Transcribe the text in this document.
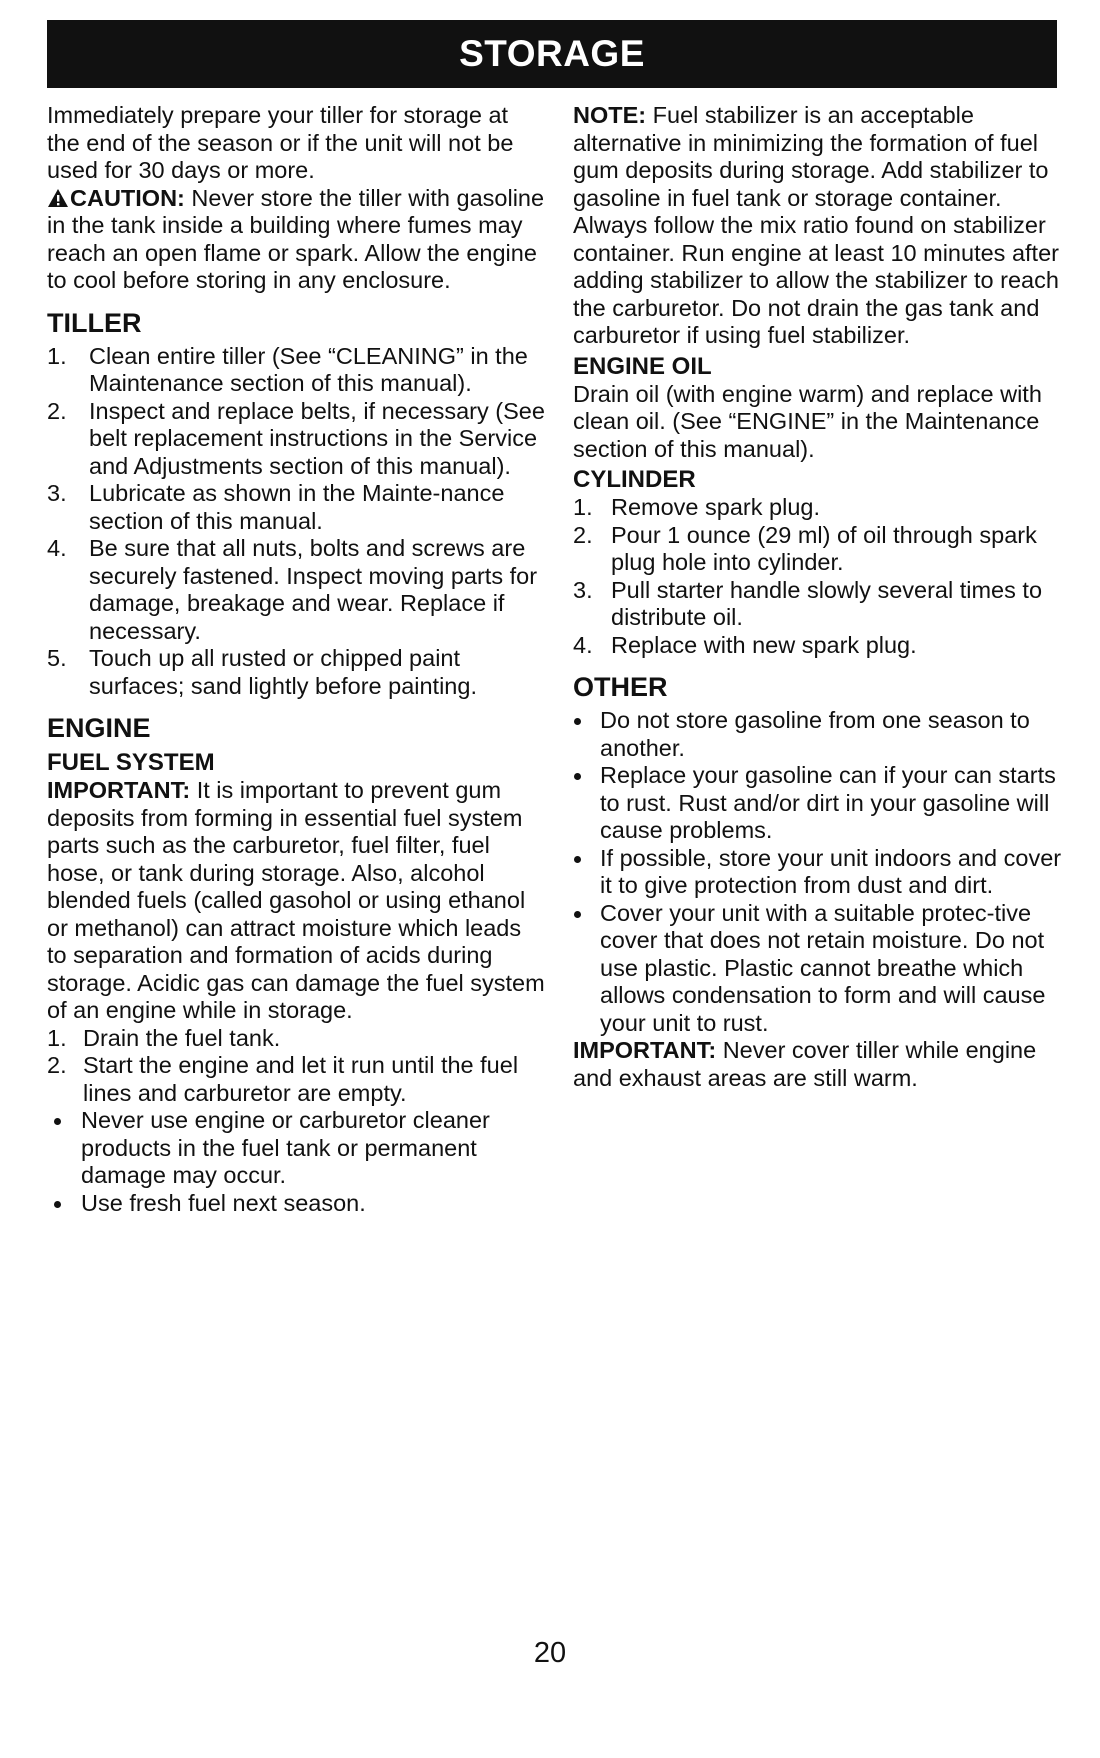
STORAGE

Immediately prepare your tiller for storage at the end of the season or if the unit will not be used for 30 days or more.

CAUTION: Never store the tiller with gasoline in the tank inside a building where fumes may reach an open flame or spark. Allow the engine to cool before storing in any enclosure.

TILLER
1. Clean entire tiller (See “CLEANING” in the Maintenance section of this manual).
2. Inspect and replace belts, if necessary (See belt replacement instructions in the Service and Adjustments section of this manual).
3. Lubricate as shown in the Mainte-nance section of this manual.
4. Be sure that all nuts, bolts and screws are securely fastened. Inspect moving parts for damage, breakage and wear. Replace if necessary.
5. Touch up all rusted or chipped paint surfaces; sand lightly before painting.
ENGINE
FUEL SYSTEM

IMPORTANT: It is important to prevent gum deposits from forming in essential fuel system parts such as the carburetor, fuel filter, fuel hose, or tank during storage. Also, alcohol blended fuels (called gasohol or using ethanol or methanol) can attract moisture which leads to separation and formation of acids during storage. Acidic gas can damage the fuel system of an engine while in storage.

1. Drain the fuel tank.
2. Start the engine and let it run until the fuel lines and carburetor are empty.
Never use engine or carburetor cleaner products in the fuel tank or permanent damage may occur.
Use fresh fuel next season.

NOTE: Fuel stabilizer is an acceptable alternative in minimizing the formation of fuel gum deposits during storage. Add stabilizer to gasoline in fuel tank or storage container. Always follow the mix ratio found on stabilizer container. Run engine at least 10 minutes after adding stabilizer to allow the stabilizer to reach the carburetor. Do not drain the gas tank and carburetor if using fuel stabilizer.

ENGINE OIL

Drain oil (with engine warm) and replace with clean oil. (See “ENGINE” in the Maintenance section of this manual).

CYLINDER
1. Remove spark plug.
2. Pour 1 ounce (29 ml) of oil through spark plug hole into cylinder.
3. Pull starter handle slowly several times to distribute oil.
4. Replace with new spark plug.
OTHER
Do not store gasoline from one season to another.
Replace your gasoline can if your can starts to rust. Rust and/or dirt in your gasoline will cause problems.
If possible, store your unit indoors and cover it to give protection from dust and dirt.
Cover your unit with a suitable protec-tive cover that does not retain moisture. Do not use plastic. Plastic cannot breathe which allows condensation to form and will cause your unit to rust.

IMPORTANT: Never cover tiller while engine and exhaust areas are still warm.

20
